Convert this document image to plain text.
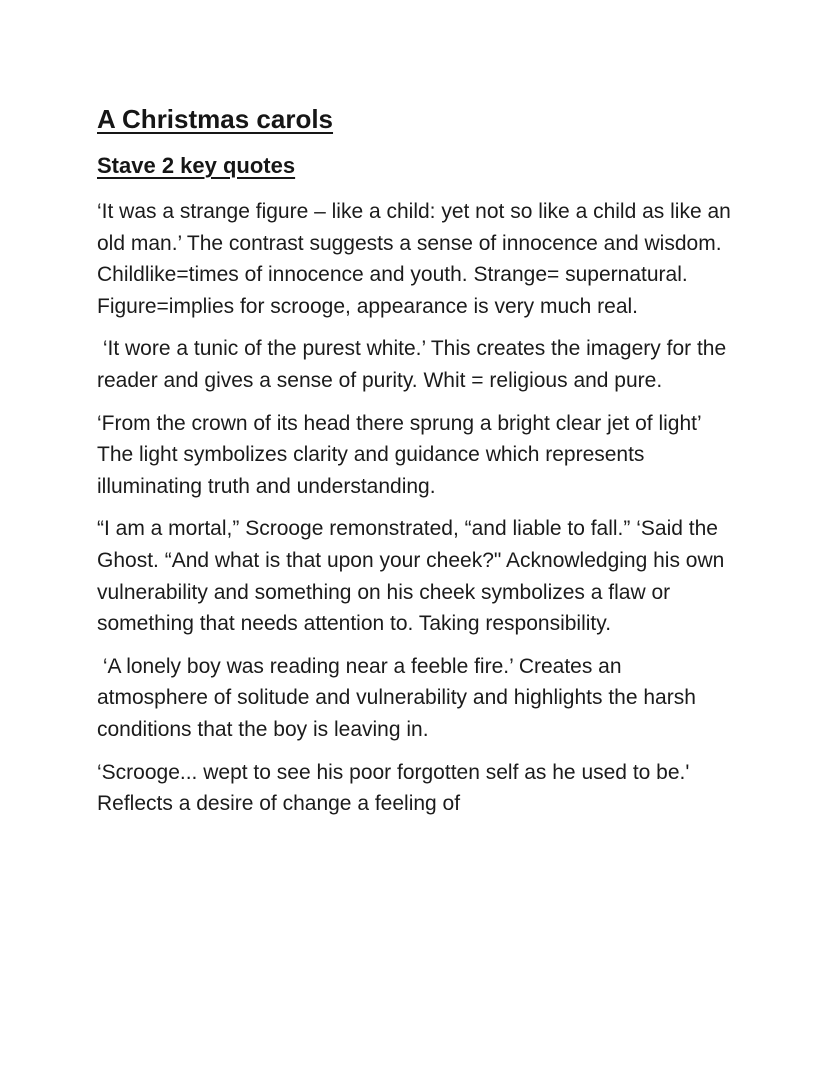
A Christmas carols
Stave 2 key quotes

‘It was a strange figure – like a child: yet not so like a child as like an old man.’ The contrast suggests a sense of innocence and wisdom. Childlike=times of innocence and youth. Strange= supernatural. Figure=implies for scrooge, appearance is very much real.

‘It wore a tunic of the purest white.’ This creates the imagery for the reader and gives a sense of purity. Whit = religious and pure.

‘From the crown of its head there sprung a bright clear jet of light’ The light symbolizes clarity and guidance which represents illuminating truth and understanding.

“I am a mortal,” Scrooge remonstrated, “and liable to fall.” ‘Said the Ghost. “And what is that upon your cheek?" Acknowledging his own vulnerability and something on his cheek symbolizes a flaw or something that needs attention to. Taking responsibility.

‘A lonely boy was reading near a feeble fire.’ Creates an atmosphere of solitude and vulnerability and highlights the harsh conditions that the boy is leaving in.

‘Scrooge... wept to see his poor forgotten self as he used to be.' Reflects a desire of change a feeling of
